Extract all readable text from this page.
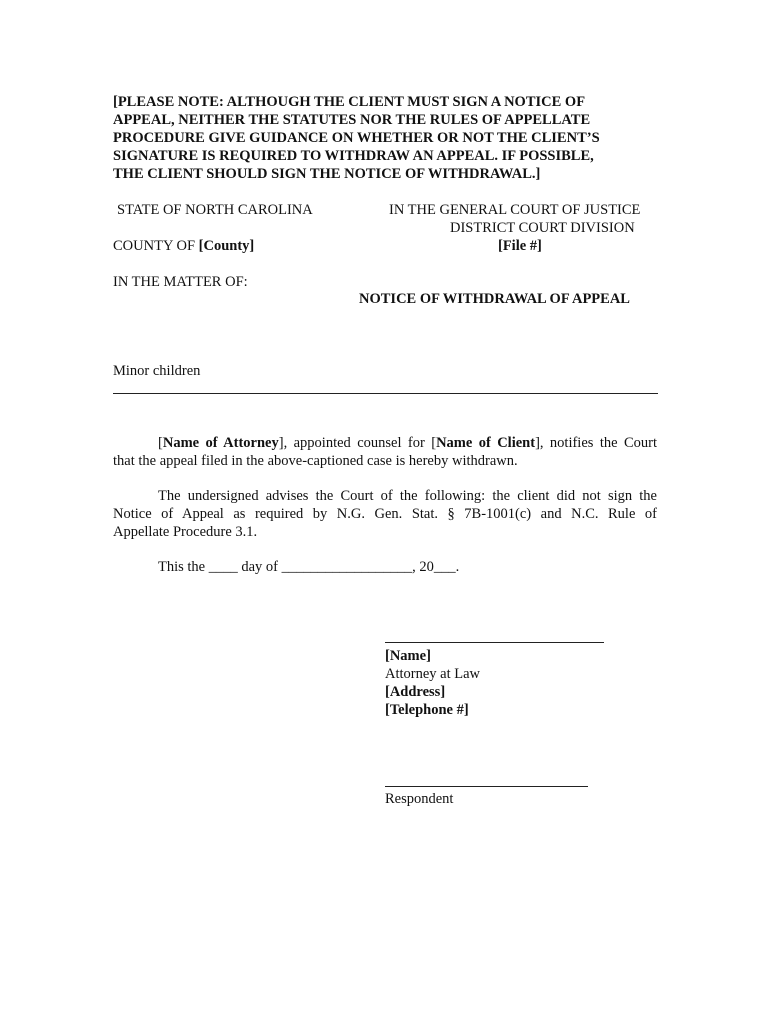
[PLEASE NOTE: ALTHOUGH THE CLIENT MUST SIGN A NOTICE OF
APPEAL, NEITHER THE STATUTES NOR THE RULES OF APPELLATE
PROCEDURE GIVE GUIDANCE ON WHETHER OR NOT THE CLIENT’S
SIGNATURE IS REQUIRED TO WITHDRAW AN APPEAL. IF POSSIBLE,
THE CLIENT SHOULD SIGN THE NOTICE OF WITHDRAWAL.]
STATE OF NORTH CAROLINA	IN THE GENERAL COURT OF JUSTICE
DISTRICT COURT DIVISION
COUNTY OF [County]	[File #]
IN THE MATTER OF:
NOTICE OF WITHDRAWAL OF APPEAL
Minor children
[Name of Attorney], appointed counsel for [Name of Client], notifies the Court
that the appeal filed in the above-captioned case is hereby withdrawn.
The undersigned advises the Court of the following: the client did not sign the
Notice of Appeal as required by N.G. Gen. Stat. § 7B-1001(c) and N.C. Rule of
Appellate Procedure 3.1.
This the ____ day of __________________, 20___.
[Name]
Attorney at Law
[Address]
[Telephone #]
Respondent
